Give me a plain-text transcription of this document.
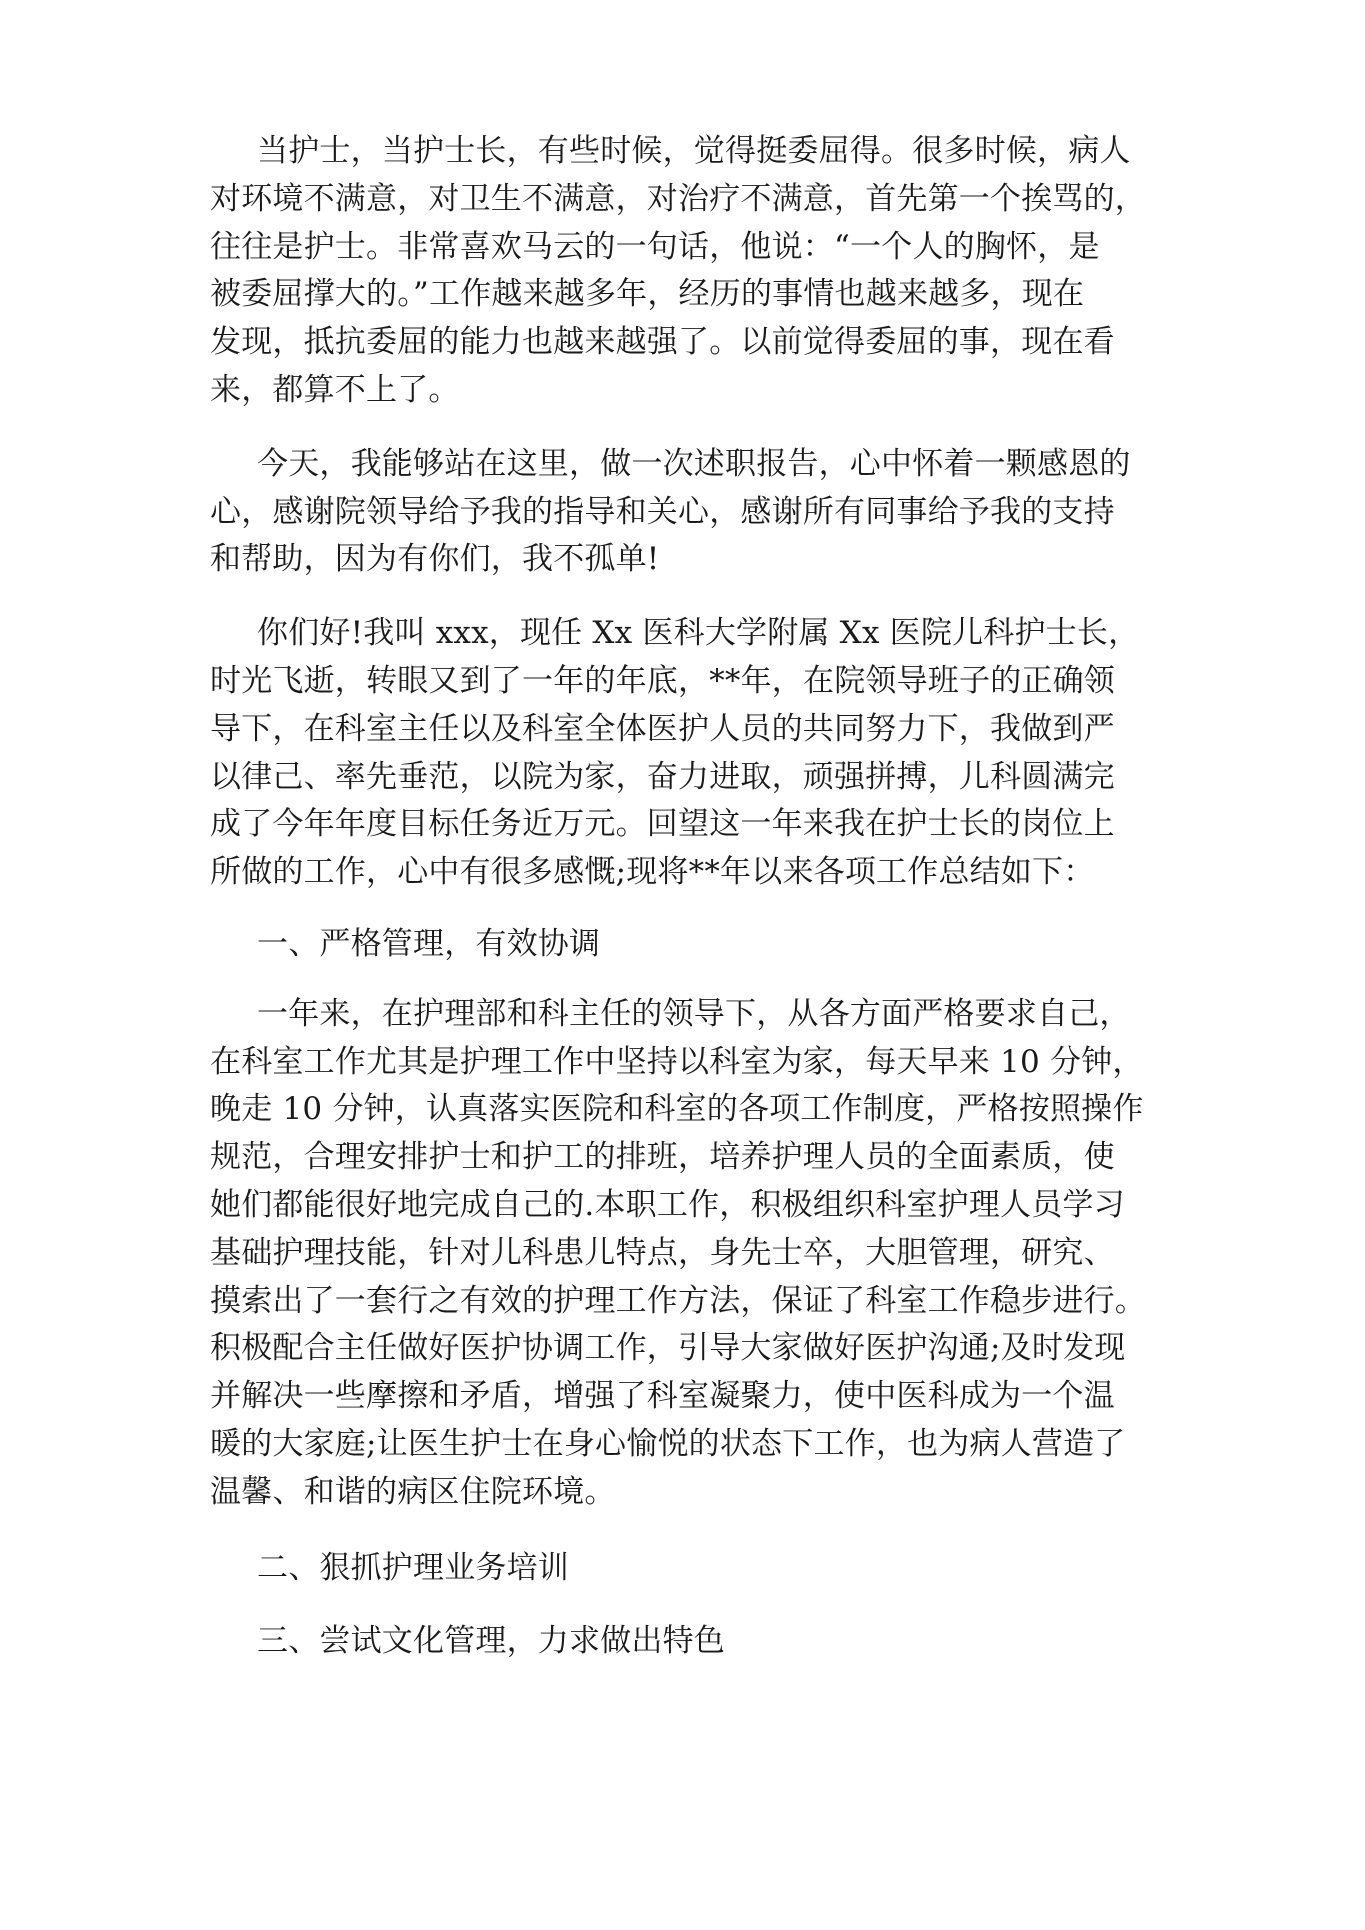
当护士，当护士长，有些时候，觉得挺委屈得。很多时候，病人
对环境不满意，对卫生不满意，对治疗不满意，首先第一个挨骂的，
往往是护士。非常喜欢马云的一句话，他说：“一个人的胸怀，是
被委屈撑大的。”工作越来越多年，经历的事情也越来越多，现在
发现，抵抗委屈的能力也越来越强了。以前觉得委屈的事，现在看
来，都算不上了。

今天，我能够站在这里，做一次述职报告，心中怀着一颗感恩的
心，感谢院领导给予我的指导和关心，感谢所有同事给予我的支持
和帮助，因为有你们，我不孤单!

你们好!我叫 xxx，现任 Xx 医科大学附属 Xx 医院儿科护士长，
时光飞逝，转眼又到了一年的年底，**年，在院领导班子的正确领
导下，在科室主任以及科室全体医护人员的共同努力下，我做到严
以律己、率先垂范，以院为家，奋力进取，顽强拼搏，儿科圆满完
成了今年年度目标任务近万元。回望这一年来我在护士长的岗位上
所做的工作，心中有很多感慨;现将**年以来各项工作总结如下：

一、严格管理，有效协调

一年来，在护理部和科主任的领导下，从各方面严格要求自己，
在科室工作尤其是护理工作中坚持以科室为家，每天早来 10 分钟，
晚走 10 分钟，认真落实医院和科室的各项工作制度，严格按照操作
规范，合理安排护士和护工的排班，培养护理人员的全面素质，使
她们都能很好地完成自己的.本职工作，积极组织科室护理人员学习
基础护理技能，针对儿科患儿特点，身先士卒，大胆管理，研究、
摸索出了一套行之有效的护理工作方法，保证了科室工作稳步进行。
积极配合主任做好医护协调工作，引导大家做好医护沟通;及时发现
并解决一些摩擦和矛盾，增强了科室凝聚力，使中医科成为一个温
暖的大家庭;让医生护士在身心愉悦的状态下工作，也为病人营造了
温馨、和谐的病区住院环境。

二、狠抓护理业务培训

三、尝试文化管理，力求做出特色
